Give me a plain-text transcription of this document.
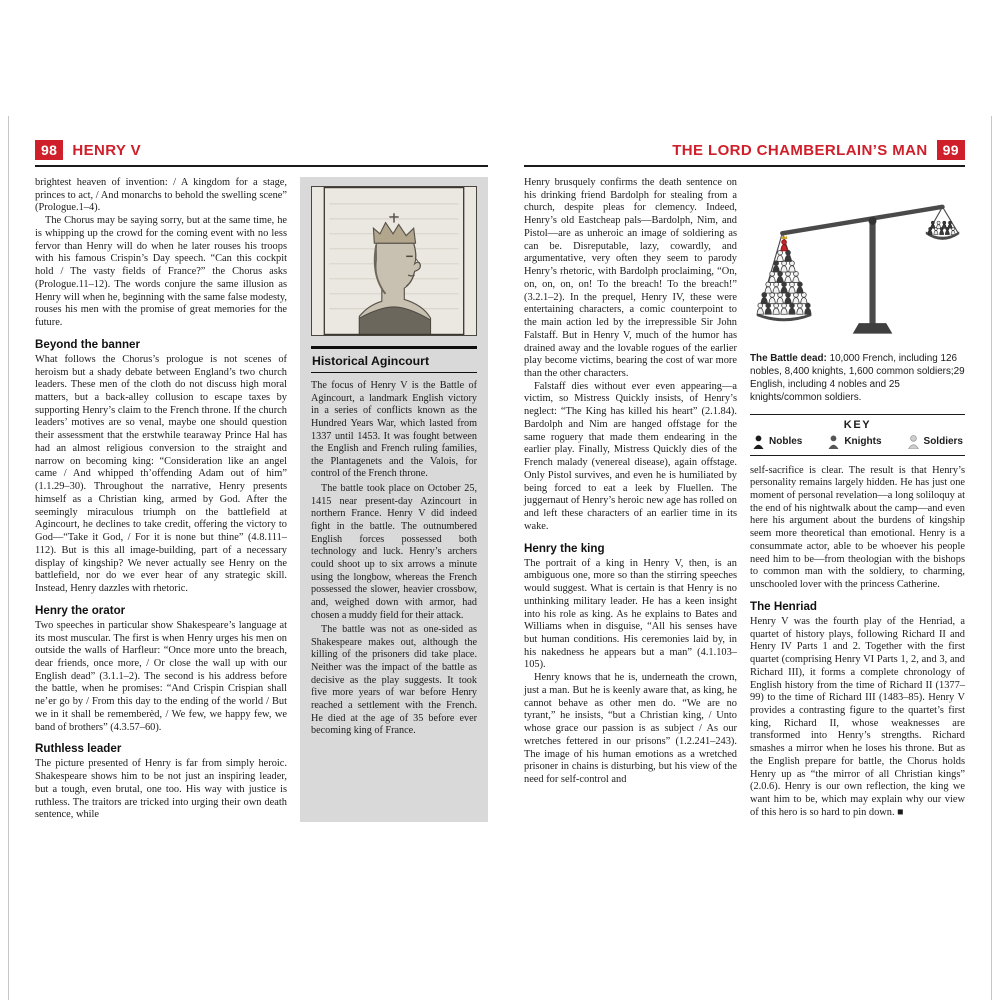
98	HENRY V

brightest heaven of invention: / A kingdom for a stage, princes to act, / And monarchs to behold the swelling scene” (Prologue.1–4).

The Chorus may be saying sorry, but at the same time, he is whipping up the crowd for the coming event with no less fervor than Henry will do when he later rouses his troops with his famous Crispin’s Day speech. “Can this cockpit hold / The vasty fields of France?” the Chorus asks (Prologue.11–12). The words conjure the same illusion as Henry will when he, beginning with the same false modesty, rouses his men with the promise of great memories for the future.

Beyond the banner

What follows the Chorus’s prologue is not scenes of heroism but a shady debate between England’s two church leaders. These men of the cloth do not discuss high moral matters, but a back-alley collusion to escape taxes by supporting Henry’s claim to the French throne. If the church leaders’ motives are so venal, maybe one should question their assessment that the erstwhile tearaway Prince Hal has had an almost religious conversion to the straight and narrow on becoming king: “Consideration like an angel came / And whipped th’offending Adam out of him” (1.1.29–30). Throughout the narrative, Henry presents himself as a Christian king, armed by God. After the seemingly miraculous triumph on the battlefield at Agincourt, he declines to take credit, offering the victory to God—“Take it God, / For it is none but thine” (4.8.111–112). But is this all image-building, part of a necessary display of kingship? We never actually see Henry on the battlefield, nor do we ever hear of any strategic skill. Instead, Henry dazzles with rhetoric.

Henry the orator

Two speeches in particular show Shakespeare’s language at its most muscular. The first is when Henry urges his men on outside the walls of Harfleur: “Once more unto the breach, dear friends, once more, / Or close the wall up with our English dead” (3.1.1–2). The second is his address before the battle, when he promises: “And Crispin Crispian shall ne’er go by / From this day to the ending of the world / But we in it shall be rememberèd, / We few, we happy few, we band of brothers” (4.3.57–60).

Ruthless leader

The picture presented of Henry is far from simply heroic. Shakespeare shows him to be not just an inspiring leader, but a tough, even brutal, one too. His way with justice is ruthless. The traitors are tricked into urging their own death sentence, while

Historical Agincourt

The focus of Henry V is the Battle of Agincourt, a landmark English victory in a series of conflicts known as the Hundred Years War, which lasted from 1337 until 1453. It was fought between the English and French ruling families, the Plantagenets and the Valois, for control of the French throne.

The battle took place on October 25, 1415 near present-day Azincourt in northern France. Henry V did indeed fight in the battle. The outnumbered English forces possessed both technology and luck. Henry’s archers could shoot up to six arrows a minute using the longbow, whereas the French possessed the slower, heavier crossbow, and, weighed down with armor, had chosen a muddy field for their attack.

The battle was not as one-sided as Shakespeare makes out, although the killing of the prisoners did take place. Neither was the impact of the battle as decisive as the play suggests. It took five more years of war before Henry reached a settlement with the French. He died at the age of 35 before ever becoming king of France.

THE LORD CHAMBERLAIN’S MAN	99

Henry brusquely confirms the death sentence on his drinking friend Bardolph for stealing from a church, despite pleas for clemency. Indeed, Henry’s old Eastcheap pals—Bardolph, Nim, and Pistol—are as unheroic an image of soldiering as can be. Disreputable, lazy, cowardly, and argumentative, very often they seem to parody Henry’s rhetoric, with Bardolph proclaiming, “On, on, on, on, on! To the breach! To the breach!” (3.2.1–2). In the prequel, Henry IV, these were entertaining characters, a comic counterpoint to the main action led by the irrepressible Sir John Falstaff. But in Henry V, much of the humor has drained away and the lovable rogues of the earlier play become victims, bearing the cost of war more than the other characters.

Falstaff dies without ever even appearing—a victim, so Mistress Quickly insists, of Henry’s neglect: “The King has killed his heart” (2.1.84). Bardolph and Nim are hanged offstage for the same roguery that made them endearing in the earlier play. Finally, Mistress Quickly dies of the French malady (venereal disease), again offstage. Only Pistol survives, and even he is humiliated by being forced to eat a leek by Fluellen. The juggernaut of Henry’s heroic new age has rolled on and left these characters of an earlier time in its wake.

Henry the king

The portrait of a king in Henry V, then, is an ambiguous one, more so than the stirring speeches would suggest. What is certain is that Henry is no unthinking military leader. He has a keen insight into his role as king. As he explains to Bates and Williams when in disguise, “All his senses have but human conditions. His ceremonies laid by, in his nakedness he appears but a man” (4.1.103–105).

Henry knows that he is, underneath the crown, just a man. But he is keenly aware that, as king, he cannot behave as other men do. “We are no tyrant,” he insists, “but a Christian king, / Unto whose grace our passion is as subject / As our wretches fettered in our prisons” (1.2.241–243). The image of his human emotions as a wretched prisoner in chains is disturbing, but his view of the need for self-control and

The Battle dead: 10,000 French, including 126 nobles, 8,400 knights, 1,600 common soldiers;29 English, including 4 nobles and 25 knights/common soldiers.

KEY
Nobles	Knights	Soldiers

self-sacrifice is clear. The result is that Henry’s personality remains largely hidden. He has just one moment of personal revelation—a long soliloquy at the end of his nightwalk about the camp—and even here his argument about the burdens of kingship seem more theoretical than emotional. Henry is a consummate actor, able to be whoever his people need him to be—from theologian with the bishops to common man with the soldiery, to charming, unschooled lover with the princess Catherine.

The Henriad

Henry V was the fourth play of the Henriad, a quartet of history plays, following Richard II and Henry IV Parts 1 and 2. Together with the first quartet (comprising Henry VI Parts 1, 2, and 3, and Richard III), it forms a complete chronology of English history from the time of Richard II (1377–99) to the time of Richard III (1483–85). Henry V provides a contrasting figure to the quartet’s first king, Richard II, whose weaknesses are transformed into Henry’s strengths. Richard smashes a mirror when he loses his throne. But as the English prepare for battle, the Chorus holds Henry up as “the mirror of all Christian kings” (2.0.6). Henry is our own reflection, the king we want him to be, which may explain why our view of this hero is so hard to pin down. ■
